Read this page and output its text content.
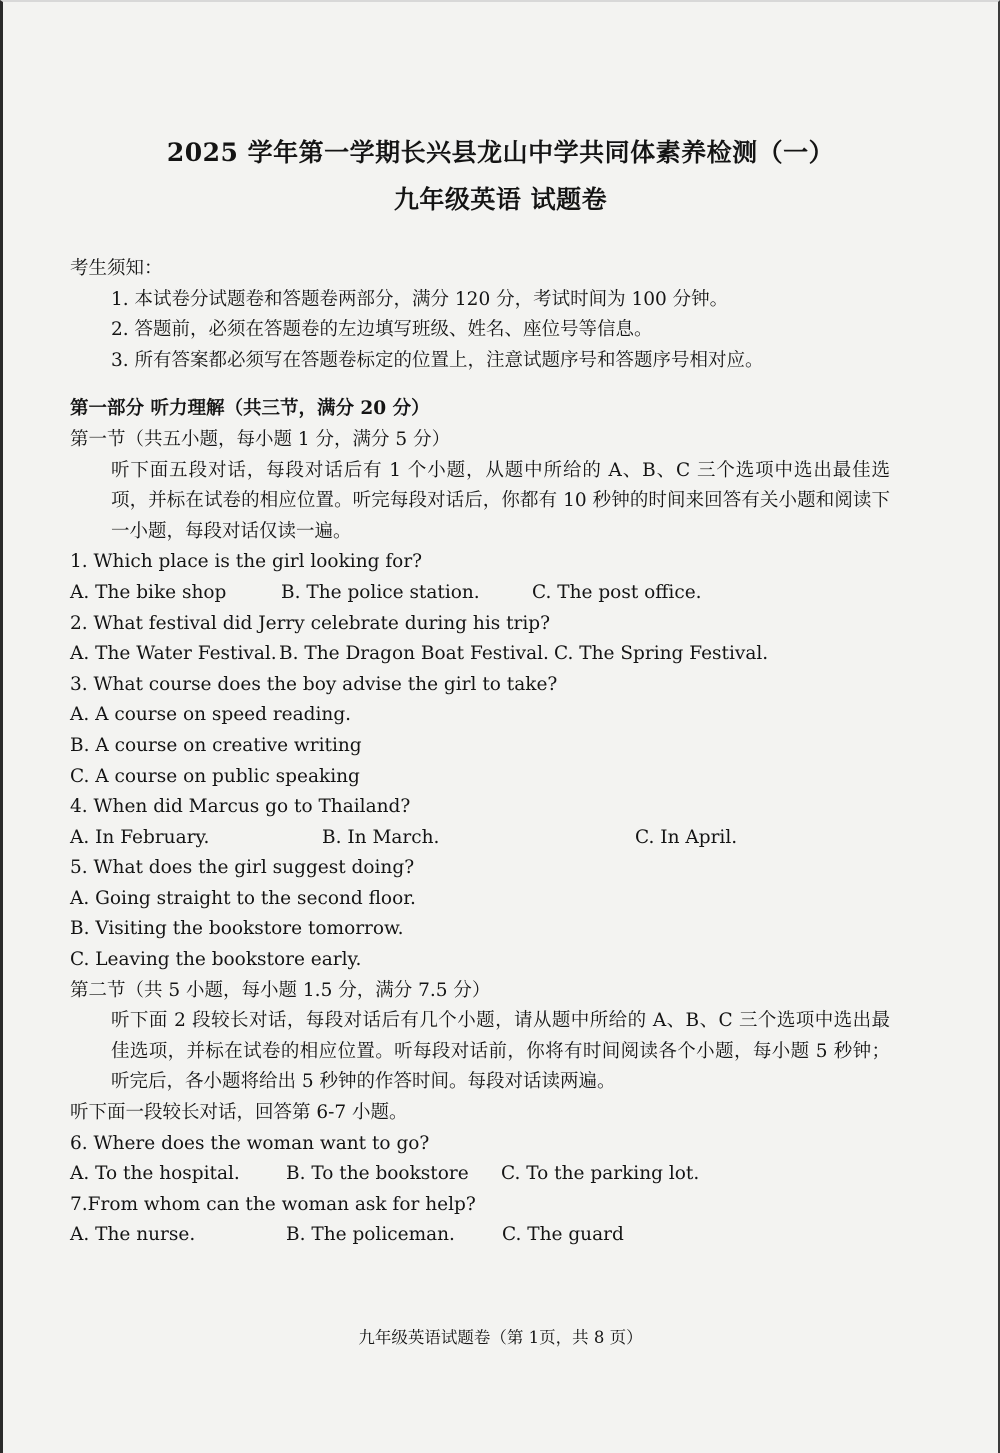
2025 学年第一学期长兴县龙山中学共同体素养检测（一）
九年级英语 试题卷

考生须知：

1. 本试卷分试题卷和答题卷两部分，满分 120 分，考试时间为 100 分钟。

2. 答题前，必须在答题卷的左边填写班级、姓名、座位号等信息。

3. 所有答案都必须写在答题卷标定的位置上，注意试题序号和答题序号相对应。

第一部分 听力理解（共三节，满分 20 分）

第一节（共五小题，每小题 1 分，满分 5 分）

听下面五段对话，每段对话后有 1 个小题，从题中所给的 A、B、C 三个选项中选出最佳选项，并标在试卷的相应位置。听完每段对话后，你都有 10 秒钟的时间来回答有关小题和阅读下一小题，每段对话仅读一遍。

1. Which place is the girl looking for?

A. The bike shop	B. The police station.	C. The post office.

2. What festival did Jerry celebrate during his trip?

A. The Water Festival. B. The Dragon Boat Festival. C. The Spring Festival.

3. What course does the boy advise the girl to take?

A. A course on speed reading.

B. A course on creative writing

C. A course on public speaking

4. When did Marcus go to Thailand?

A. In February.	B. In March.	C. In April.

5. What does the girl suggest doing?

A. Going straight to the second floor.

B. Visiting the bookstore tomorrow.

C. Leaving the bookstore early.

第二节（共 5 小题，每小题 1.5 分，满分 7.5 分）

听下面 2 段较长对话，每段对话后有几个小题，请从题中所给的 A、B、C 三个选项中选出最佳选项，并标在试卷的相应位置。听每段对话前，你将有时间阅读各个小题，每小题 5 秒钟；听完后，各小题将给出 5 秒钟的作答时间。每段对话读两遍。

听下面一段较长对话，回答第 6-7 小题。

6. Where does the woman want to go?

A. To the hospital.	B. To the bookstore	C. To the parking lot.

7.From whom can the woman ask for help?

A. The nurse.	B. The policeman.	C. The guard
九年级英语试题卷（第 1页，共 8 页）
